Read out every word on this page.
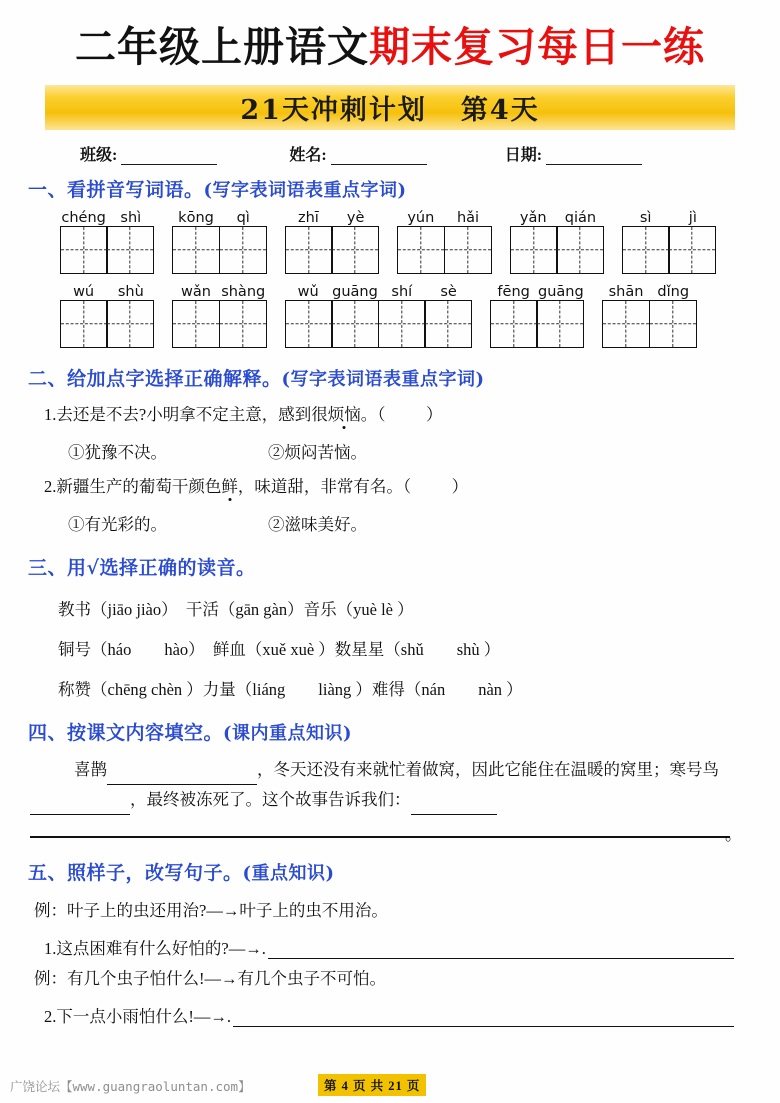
二年级上册语文期末复习每日一练
21天冲刺计划 第4天
班级:	姓名:	日期:
一、看拼音写词语。(写字表词语表重点字词)
chéng	shì	kōng	qì	zhī	yè	yún	hǎi	yǎn	qián	sì	jì
wú	shù	wǎn shàng	wǔ guāng shí	sè	fēng guāng	shān dǐng
二、给加点字选择正确解释。(写字表词语表重点字词)
1.去还是不去?小明拿不定主意，感到很烦恼。（ ）
①犹豫不决。	②烦闷苦恼。
2.新疆生产的葡萄干颜色鲜，味道甜，非常有名。（ ）
①有光彩的。	②滋味美好。
三、用√选择正确的读音。
教书（jiāo jiào）　干活（gān gàn）音乐（yuè lè ）
铜号（háo　　hào）　鲜血（xuě xuè ）数星星（shǔ　　shù ）
称赞（chēng chèn ）力量（liáng　　liàng ）难得（nán　　nàn ）
四、按课文内容填空。(课内重点知识)
喜鹊	，冬天还没有来就忙着做窝，因此它能住在温暖的窝里；寒号鸟，最终被冻死了。这个故事告诉我们：
。
五、照样子，改写句子。(重点知识)
例：叶子上的虫还用治?—→叶子上的虫不用治。
1.这点困难有什么好怕的?—→.
例：有几个虫子怕什么!—→有几个虫子不可怕。
2.下一点小雨怕什么!—→.
广饶论坛【www.guangraoluntan.com】	第 4 页 共 21 页
